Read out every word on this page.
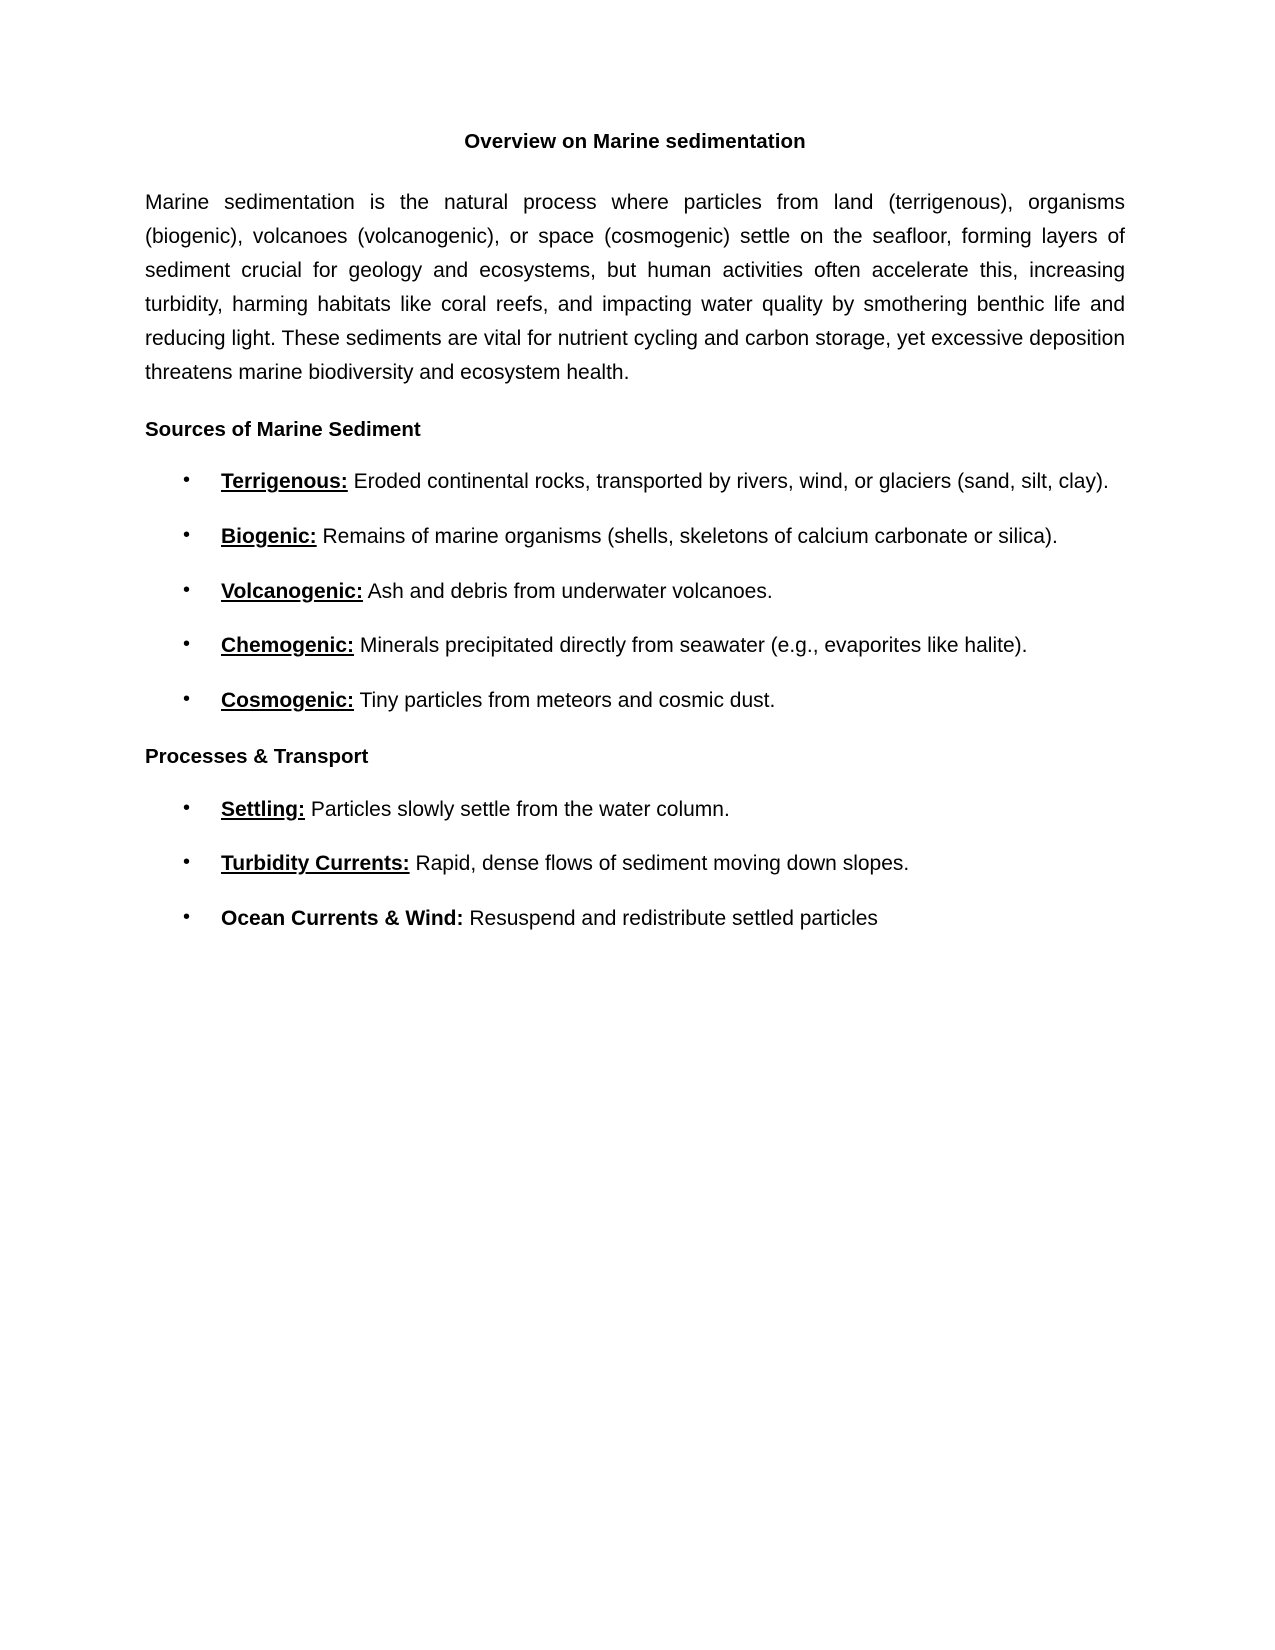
Overview on Marine sedimentation

Marine sedimentation is the natural process where particles from land (terrigenous), organisms (biogenic), volcanoes (volcanogenic), or space (cosmogenic) settle on the seafloor, forming layers of sediment crucial for geology and ecosystems, but human activities often accelerate this, increasing turbidity, harming habitats like coral reefs, and impacting water quality by smothering benthic life and reducing light. These sediments are vital for nutrient cycling and carbon storage, yet excessive deposition threatens marine biodiversity and ecosystem health.

Sources of Marine Sediment
• Terrigenous: Eroded continental rocks, transported by rivers, wind, or glaciers (sand, silt, clay).
• Biogenic: Remains of marine organisms (shells, skeletons of calcium carbonate or silica).
• Volcanogenic: Ash and debris from underwater volcanoes.
• Chemogenic: Minerals precipitated directly from seawater (e.g., evaporites like halite).
• Cosmogenic: Tiny particles from meteors and cosmic dust.
Processes & Transport
• Settling: Particles slowly settle from the water column.
• Turbidity Currents: Rapid, dense flows of sediment moving down slopes.
• Ocean Currents & Wind: Resuspend and redistribute settled particles
